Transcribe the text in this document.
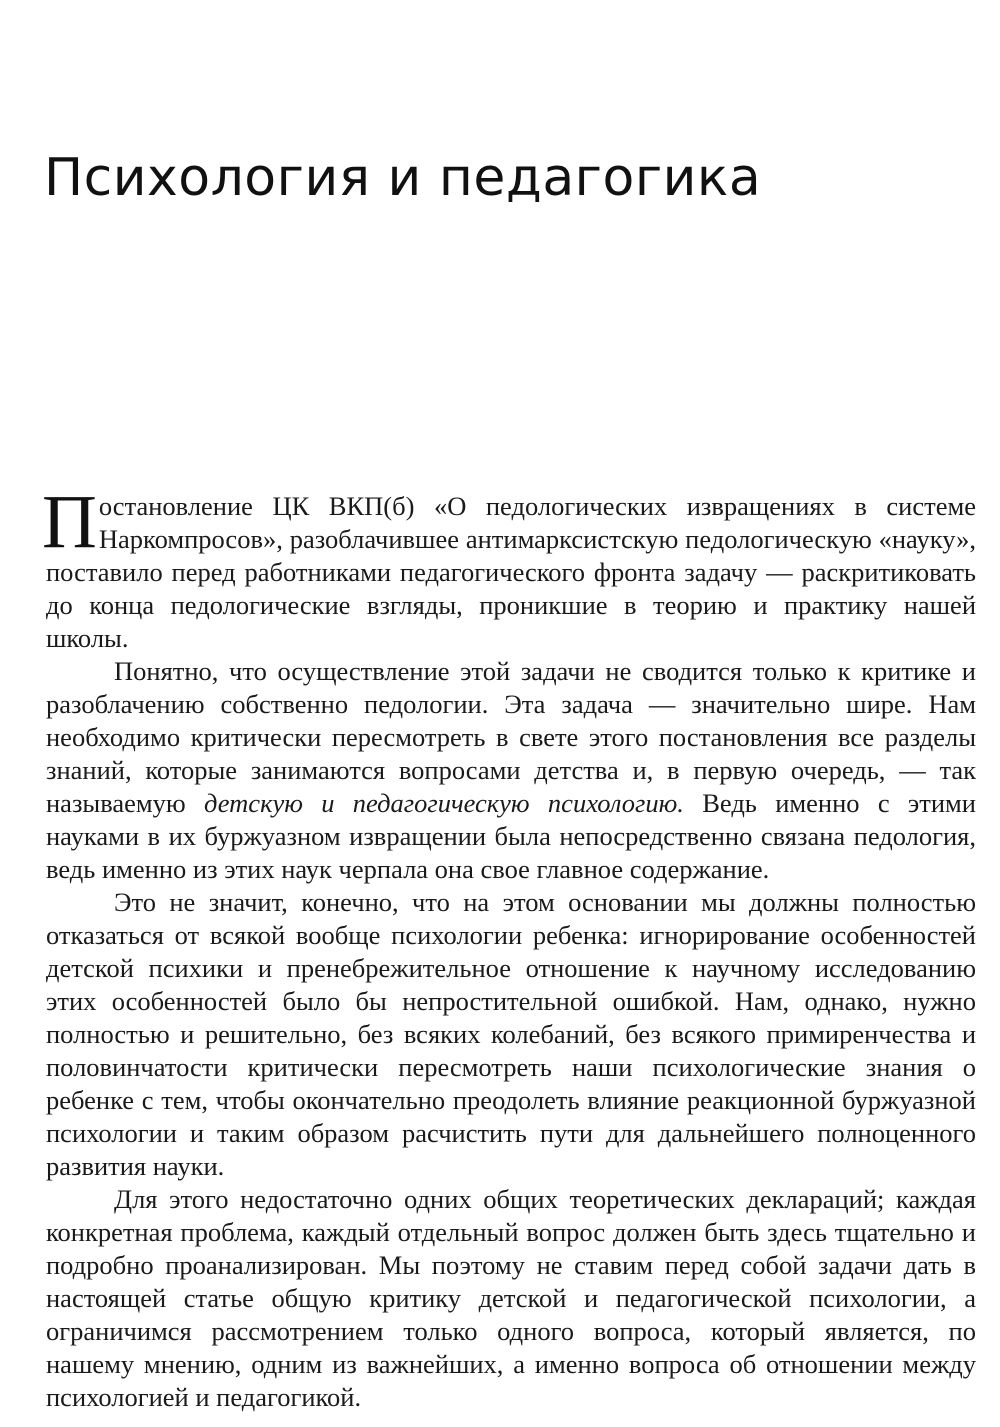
Психология и педагогика

Постановление ЦК ВКП(б) «О педологических извращениях в системе Наркомпросов», разоблачившее антимарксистскую педологическую «науку», поставило перед работниками педагогического фронта задачу — раскритиковать до конца педологические взгляды, проникшие в теорию и практику нашей школы.

Понятно, что осуществление этой задачи не сводится только к критике и разоблачению собственно педологии. Эта задача — значительно шире. Нам необходимо критически пересмотреть в свете этого постановления все разделы знаний, которые занимаются вопросами детства и, в первую очередь, — так называемую детскую и педагогическую психологию. Ведь именно с этими науками в их буржуазном извращении была непосредственно связана педология, ведь именно из этих наук черпала она свое главное содержание.

Это не значит, конечно, что на этом основании мы должны полностью отказаться от всякой вообще психологии ребенка: игнорирование особенностей детской психики и пренебрежительное отношение к научному исследованию этих особенностей было бы непростительной ошибкой. Нам, однако, нужно полностью и решительно, без всяких колебаний, без всякого примиренчества и половинчатости критически пересмотреть наши психологические знания о ребенке с тем, чтобы окончательно преодолеть влияние реакционной буржуазной психологии и таким образом расчистить пути для дальнейшего полноценного развития науки.

Для этого недостаточно одних общих теоретических деклараций; каждая конкретная проблема, каждый отдельный вопрос должен быть здесь тщательно и подробно проанализирован. Мы поэтому не ставим перед собой задачи дать в настоящей статье общую критику детской и педагогической психологии, а ограничимся рассмотрением только одного вопроса, который является, по нашему мнению, одним из важнейших, а именно вопроса об отношении между психологией и педагогикой.
